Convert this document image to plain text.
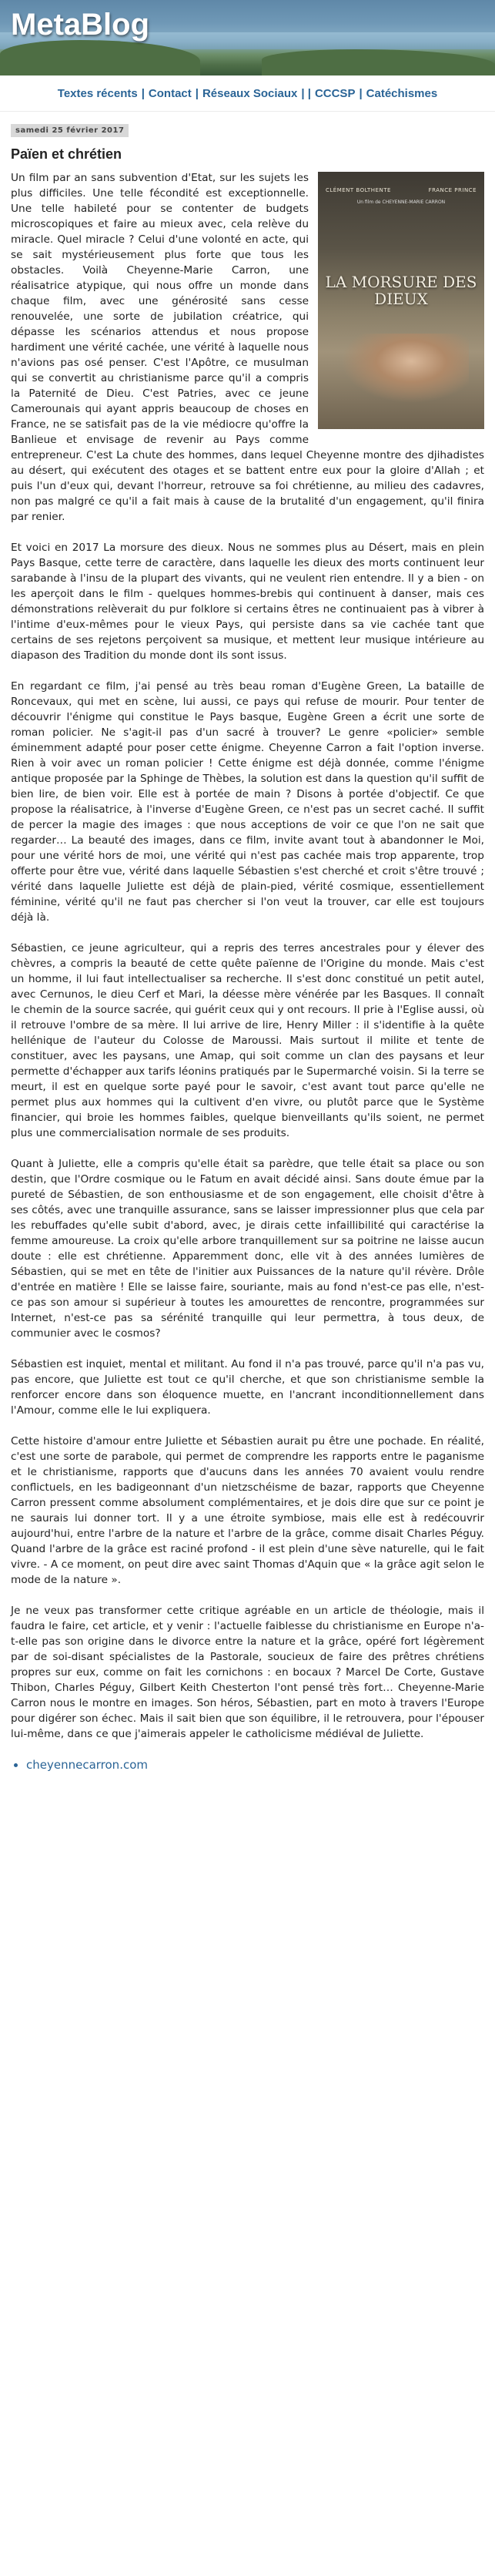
MetaBlog
Textes récents | Contact | Réseaux Sociaux | | CCCSP | Catéchismes
samedi 25 février 2017
Païen et chrétien
CLÉMENT BOLTHENTE	FRANCE PRINCE
Un film de CHEYENNE-MARIE CARRON
LA MORSURE DES DIEUX

Un film par an sans subvention d'Etat, sur les sujets les plus difficiles. Une telle fécondité est exceptionnelle. Une telle habileté pour se contenter de budgets microscopiques et faire au mieux avec, cela relève du miracle. Quel miracle ? Celui d'une volonté en acte, qui se sait mystérieusement plus forte que tous les obstacles. Voilà Cheyenne-Marie Carron, une réalisatrice atypique, qui nous offre un monde dans chaque film, avec une générosité sans cesse renouvelée, une sorte de jubilation créatrice, qui dépasse les scénarios attendus et nous propose hardiment une vérité cachée, une vérité à laquelle nous n'avions pas osé penser. C'est l'Apôtre, ce musulman qui se convertit au christianisme parce qu'il a compris la Paternité de Dieu. C'est Patries, avec ce jeune Camerounais qui ayant appris beaucoup de choses en France, ne se satisfait pas de la vie médiocre qu'offre la Banlieue et envisage de revenir au Pays comme entrepreneur. C'est La chute des hommes, dans lequel Cheyenne montre des djihadistes au désert, qui exécutent des otages et se battent entre eux pour la gloire d'Allah ; et puis l'un d'eux qui, devant l'horreur, retrouve sa foi chrétienne, au milieu des cadavres, non pas malgré ce qu'il a fait mais à cause de la brutalité d'un engagement, qu'il finira par renier.

Et voici en 2017 La morsure des dieux. Nous ne sommes plus au Désert, mais en plein Pays Basque, cette terre de caractère, dans laquelle les dieux des morts continuent leur sarabande à l'insu de la plupart des vivants, qui ne veulent rien entendre. Il y a bien - on les aperçoit dans le film - quelques hommes-brebis qui continuent à danser, mais ces démonstrations relèverait du pur folklore si certains êtres ne continuaient pas à vibrer à l'intime d'eux-mêmes pour le vieux Pays, qui persiste dans sa vie cachée tant que certains de ses rejetons perçoivent sa musique, et mettent leur musique intérieure au diapason des Tradition du monde dont ils sont issus.

En regardant ce film, j'ai pensé au très beau roman d'Eugène Green, La bataille de Roncevaux, qui met en scène, lui aussi, ce pays qui refuse de mourir. Pour tenter de découvrir l'énigme qui constitue le Pays basque, Eugène Green a écrit une sorte de roman policier. Ne s'agit-il pas d'un sacré à trouver? Le genre «policier» semble éminemment adapté pour poser cette énigme. Cheyenne Carron a fait l'option inverse. Rien à voir avec un roman policier ! Cette énigme est déjà donnée, comme l'énigme antique proposée par la Sphinge de Thèbes, la solution est dans la question qu'il suffit de bien lire, de bien voir. Elle est à portée de main ? Disons à portée d'objectif. Ce que propose la réalisatrice, à l'inverse d'Eugène Green, ce n'est pas un secret caché. Il suffit de percer la magie des images : que nous acceptions de voir ce que l'on ne sait que regarder… La beauté des images, dans ce film, invite avant tout à abandonner le Moi, pour une vérité hors de moi, une vérité qui n'est pas cachée mais trop apparente, trop offerte pour être vue, vérité dans laquelle Sébastien s'est cherché et croit s'être trouvé ; vérité dans laquelle Juliette est déjà de plain-pied, vérité cosmique, essentiellement féminine, vérité qu'il ne faut pas chercher si l'on veut la trouver, car elle est toujours déjà là.

Sébastien, ce jeune agriculteur, qui a repris des terres ancestrales pour y élever des chèvres, a compris la beauté de cette quête païenne de l'Origine du monde. Mais c'est un homme, il lui faut intellectualiser sa recherche. Il s'est donc constitué un petit autel, avec Cernunos, le dieu Cerf et Mari, la déesse mère vénérée par les Basques. Il connaît le chemin de la source sacrée, qui guérit ceux qui y ont recours. Il prie à l'Eglise aussi, où il retrouve l'ombre de sa mère. Il lui arrive de lire, Henry Miller : il s'identifie à la quête hellénique de l'auteur du Colosse de Maroussi. Mais surtout il milite et tente de constituer, avec les paysans, une Amap, qui soit comme un clan des paysans et leur permette d'échapper aux tarifs léonins pratiqués par le Supermarché voisin. Si la terre se meurt, il est en quelque sorte payé pour le savoir, c'est avant tout parce qu'elle ne permet plus aux hommes qui la cultivent d'en vivre, ou plutôt parce que le Système financier, qui broie les hommes faibles, quelque bienveillants qu'ils soient, ne permet plus une commercialisation normale de ses produits.

Quant à Juliette, elle a compris qu'elle était sa parèdre, que telle était sa place ou son destin, que l'Ordre cosmique ou le Fatum en avait décidé ainsi. Sans doute émue par la pureté de Sébastien, de son enthousiasme et de son engagement, elle choisit d'être à ses côtés, avec une tranquille assurance, sans se laisser impressionner plus que cela par les rebuffades qu'elle subit d'abord, avec, je dirais cette infaillibilité qui caractérise la femme amoureuse. La croix qu'elle arbore tranquillement sur sa poitrine ne laisse aucun doute : elle est chrétienne. Apparemment donc, elle vit à des années lumières de Sébastien, qui se met en tête de l'initier aux Puissances de la nature qu'il révère. Drôle d'entrée en matière ! Elle se laisse faire, souriante, mais au fond n'est-ce pas elle, n'est-ce pas son amour si supérieur à toutes les amourettes de rencontre, programmées sur Internet, n'est-ce pas sa sérénité tranquille qui leur permettra, à tous deux, de communier avec le cosmos?

Sébastien est inquiet, mental et militant. Au fond il n'a pas trouvé, parce qu'il n'a pas vu, pas encore, que Juliette est tout ce qu'il cherche, et que son christianisme semble la renforcer encore dans son éloquence muette, en l'ancrant inconditionnellement dans l'Amour, comme elle le lui expliquera.

Cette histoire d'amour entre Juliette et Sébastien aurait pu être une pochade. En réalité, c'est une sorte de parabole, qui permet de comprendre les rapports entre le paganisme et le christianisme, rapports que d'aucuns dans les années 70 avaient voulu rendre conflictuels, en les badigeonnant d'un nietzschéisme de bazar, rapports que Cheyenne Carron pressent comme absolument complémentaires, et je dois dire que sur ce point je ne saurais lui donner tort. Il y a une étroite symbiose, mais elle est à redécouvrir aujourd'hui, entre l'arbre de la nature et l'arbre de la grâce, comme disait Charles Péguy. Quand l'arbre de la grâce est raciné profond - il est plein d'une sève naturelle, qui le fait vivre. - A ce moment, on peut dire avec saint Thomas d'Aquin que « la grâce agit selon le mode de la nature ».

Je ne veux pas transformer cette critique agréable en un article de théologie, mais il faudra le faire, cet article, et y venir : l'actuelle faiblesse du christianisme en Europe n'a-t-elle pas son origine dans le divorce entre la nature et la grâce, opéré fort légèrement par de soi-disant spécialistes de la Pastorale, soucieux de faire des prêtres chrétiens propres sur eux, comme on fait les cornichons : en bocaux ? Marcel De Corte, Gustave Thibon, Charles Péguy, Gilbert Keith Chesterton l'ont pensé très fort… Cheyenne-Marie Carron nous le montre en images. Son héros, Sébastien, part en moto à travers l'Europe pour digérer son échec. Mais il sait bien que son équilibre, il le retrouvera, pour l'épouser lui-même, dans ce que j'aimerais appeler le catholicisme médiéval de Juliette.

• cheyennecarron.com
